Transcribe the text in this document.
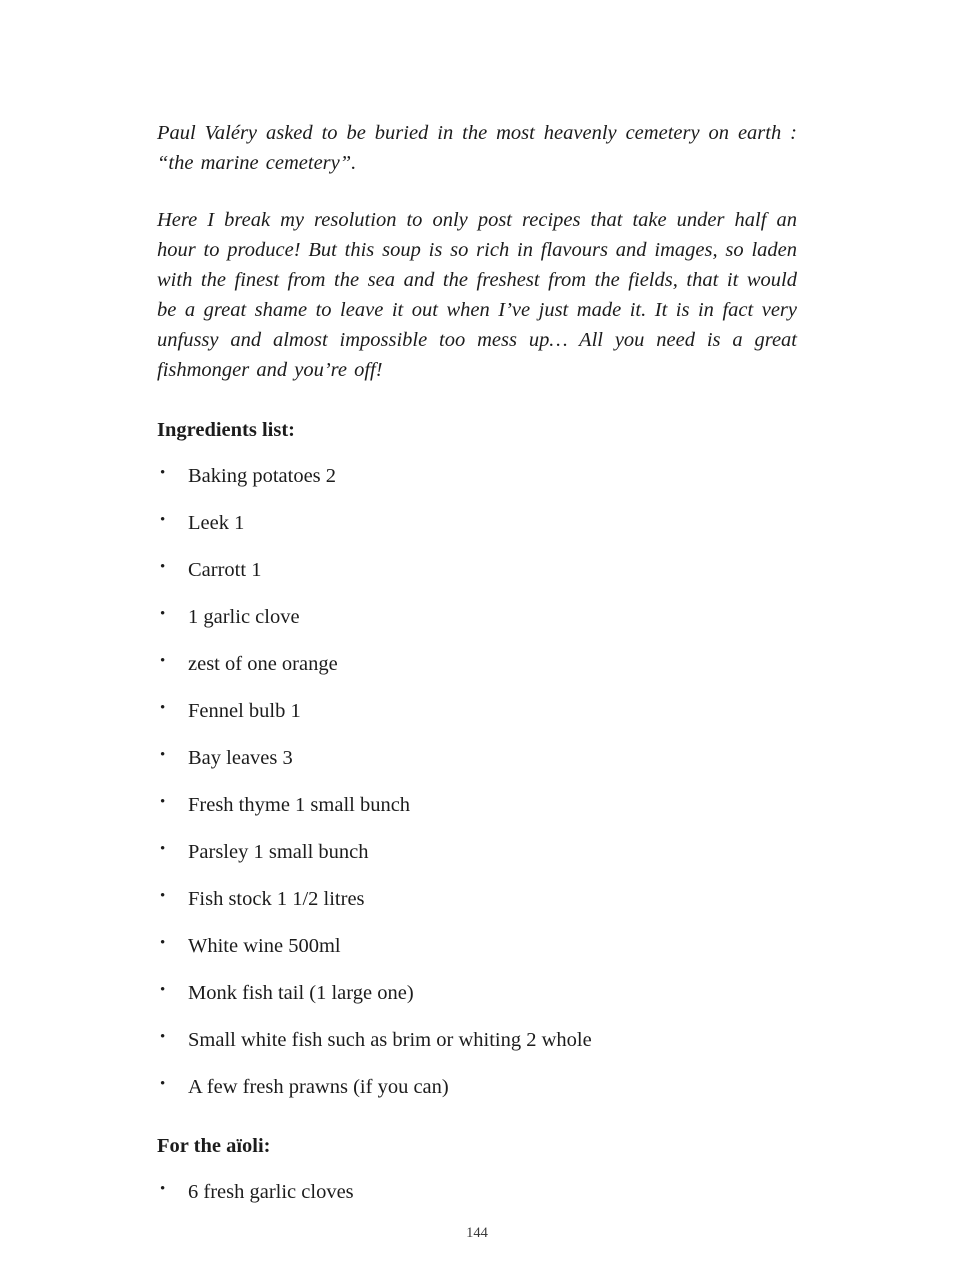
Paul Valéry asked to be buried in the most heavenly cemetery on earth : “the marine cemetery”.

Here I break my resolution to only post recipes that take under half an hour to produce! But this soup is so rich in flavours and images, so laden with the finest from the sea and the freshest from the fields, that it would be a great shame to leave it out when I’ve just made it. It is in fact very unfussy and almost impossible too mess up… All you need is a great fishmonger and you’re off!

Ingredients list:
• Baking potatoes 2
• Leek 1
• Carrott 1
• 1 garlic clove
• zest of one orange
• Fennel bulb 1
• Bay leaves 3
• Fresh thyme 1 small bunch
• Parsley 1 small bunch
• Fish stock 1 1/2 litres
• White wine 500ml
• Monk fish tail (1 large one)
• Small white fish such as brim or whiting 2 whole
• A few fresh prawns (if you can)
For the aïoli:
• 6 fresh garlic cloves
144
